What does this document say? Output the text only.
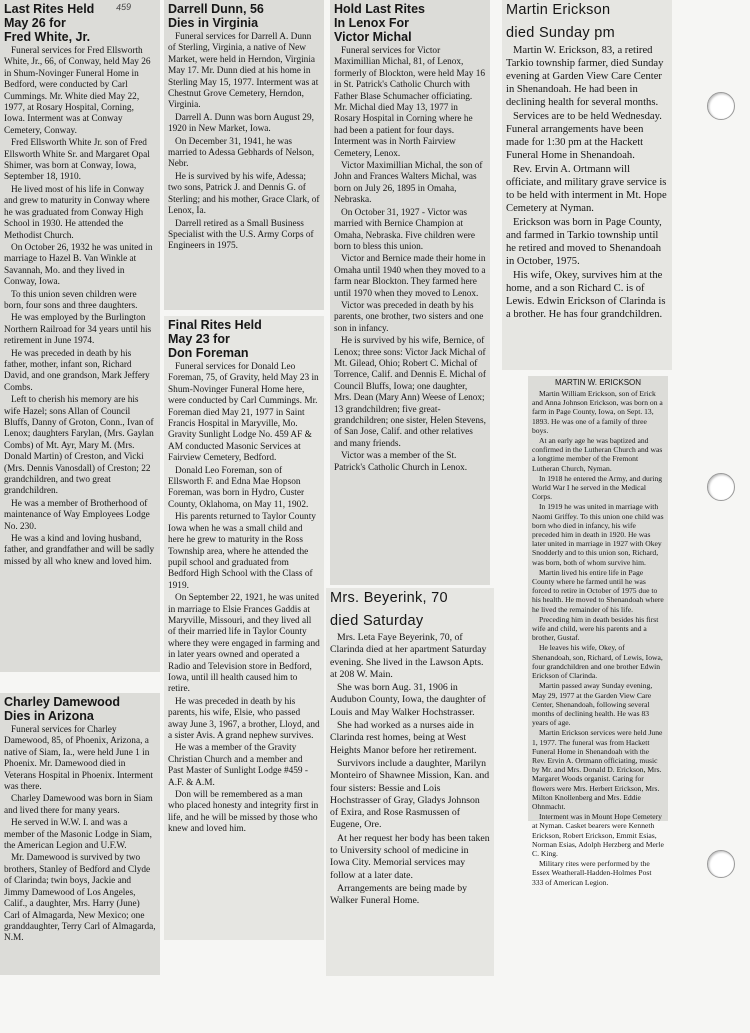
Last Rites Held
May 26 for
Fred White, Jr.

Funeral services for Fred Ellsworth White, Jr., 66, of Conway, held May 26 in Shum-Novinger Funeral Home in Bedford, were conducted by Carl Cummings. Mr. White died May 22, 1977, at Rosary Hospital, Corning, Iowa. Interment was at Conway Cemetery, Conway.

Fred Ellsworth White Jr. son of Fred Ellsworth White Sr. and Margaret Opal Shimer, was born at Conway, Iowa, September 18, 1910.

He lived most of his life in Conway and grew to maturity in Conway where he was graduated from Conway High School in 1930. He attended the Methodist Church.

On October 26, 1932 he was united in marriage to Hazel B. Van Winkle at Savannah, Mo. and they lived in Conway, Iowa.

To this union seven children were born, four sons and three daughters.

He was employed by the Burlington Northern Railroad for 34 years until his retirement in June 1974.

He was preceded in death by his father, mother, infant son, Richard David, and one grandson, Mark Jeffery Combs.

Left to cherish his memory are his wife Hazel; sons Allan of Council Bluffs, Danny of Groton, Conn., Ivan of Lenox; daughters Farylan, (Mrs. Gaylan Combs) of Mt. Ayr, Mary M. (Mrs. Donald Martin) of Creston, and Vicki (Mrs. Dennis Vanosdall) of Creston; 22 grandchildren, and two great grandchildren.

He was a member of Brotherhood of maintenance of Way Employees Lodge No. 230.

He was a kind and loving husband, father, and grandfather and will be sadly missed by all who knew and loved him.

459
Charley Damewood
Dies in Arizona

Funeral services for Charley Damewood, 85, of Phoenix, Arizona, a native of Siam, Ia., were held June 1 in Phoenix. Mr. Damewood died in Veterans Hospital in Phoenix. Interment was there.

Charley Damewood was born in Siam and lived there for many years.

He served in W.W. I. and was a member of the Masonic Lodge in Siam, the American Legion and U.F.W.

Mr. Damewood is survived by two brothers, Stanley of Bedford and Clyde of Clarinda; twin boys, Jackie and Jimmy Damewood of Los Angeles, Calif., a daughter, Mrs. Harry (June) Carl of Almagarda, New Mexico; one granddaughter, Terry Carl of Almagarda, N.M.

Darrell Dunn, 56
Dies in Virginia

Funeral services for Darrell A. Dunn of Sterling, Virginia, a native of New Market, were held in Herndon, Virginia May 17. Mr. Dunn died at his home in Sterling May 15, 1977. Interment was at Chestnut Grove Cemetery, Herndon, Virginia.

Darrell A. Dunn was born August 29, 1920 in New Market, Iowa.

On December 31, 1941, he was married to Adessa Gebhards of Nelson, Nebr.

He is survived by his wife, Adessa; two sons, Patrick J. and Dennis G. of Sterling; and his mother, Grace Clark, of Lenox, Ia.

Darrell retired as a Small Business Specialist with the U.S. Army Corps of Engineers in 1975.

Final Rites Held
May 23 for
Don Foreman

Funeral services for Donald Leo Foreman, 75, of Gravity, held May 23 in Shum-Novinger Funeral Home here, were conducted by Carl Cummings. Mr. Foreman died May 21, 1977 in Saint Francis Hospital in Maryville, Mo. Gravity Sunlight Lodge No. 459 AF & AM conducted Masonic Services at Fairview Cemetery, Bedford.

Donald Leo Foreman, son of Ellsworth F. and Edna Mae Hopson Foreman, was born in Hydro, Custer County, Oklahoma, on May 11, 1902.

His parents returned to Taylor County Iowa when he was a small child and here he grew to maturity in the Ross Township area, where he attended the pupil school and graduated from Bedford High School with the Class of 1919.

On September 22, 1921, he was united in marriage to Elsie Frances Gaddis at Maryville, Missouri, and they lived all of their married life in Taylor County where they were engaged in farming and in later years owned and operated a Radio and Television store in Bedford, Iowa, until ill health caused him to retire.

He was preceded in death by his parents, his wife, Elsie, who passed away June 3, 1967, a brother, Lloyd, and a sister Avis. A grand nephew survives.

He was a member of the Gravity Christian Church and a member and Past Master of Sunlight Lodge #459 - A.F. & A.M.

Don will be remembered as a man who placed honesty and integrity first in life, and he will be missed by those who knew and loved him.

Hold Last Rites
In Lenox For
Victor Michal

Funeral services for Victor Maximillian Michal, 81, of Lenox, formerly of Blockton, were held May 16 in St. Patrick's Catholic Church with Father Blase Schumacher officiating. Mr. Michal died May 13, 1977 in Rosary Hospital in Corning where he had been a patient for four days. Interment was in North Fairview Cemetery, Lenox.

Victor Maximillian Michal, the son of John and Frances Walters Michal, was born on July 26, 1895 in Omaha, Nebraska.

On October 31, 1927 - Victor was married with Bernice Champion at Omaha, Nebraska. Five children were born to bless this union.

Victor and Bernice made their home in Omaha until 1940 when they moved to a farm near Blockton. They farmed here until 1970 when they moved to Lenox.

Victor was preceded in death by his parents, one brother, two sisters and one son in infancy.

He is survived by his wife, Bernice, of Lenox; three sons: Victor Jack Michal of Mt. Gilead, Ohio; Robert C. Michal of Torrence, Calif. and Dennis E. Michal of Council Bluffs, Iowa; one daughter, Mrs. Dean (Mary Ann) Weese of Lenox; 13 grandchildren; five great-grandchildren; one sister, Helen Stevens, of San Jose, Calif. and other relatives and many friends.

Victor was a member of the St. Patrick's Catholic Church in Lenox.

Mrs. Beyerink, 70
died Saturday

Mrs. Leta Faye Beyerink, 70, of Clarinda died at her apartment Saturday evening. She lived in the Lawson Apts. at 208 W. Main.

She was born Aug. 31, 1906 in Audubon County, Iowa, the daughter of Louis and May Walker Hochstrasser.

She had worked as a nurses aide in Clarinda rest homes, being at West Heights Manor before her retirement.

Survivors include a daughter, Marilyn Monteiro of Shawnee Mission, Kan. and four sisters: Bessie and Lois Hochstrasser of Gray, Gladys Johnson of Exira, and Rose Rasmussen of Eugene, Ore.

At her request her body has been taken to University school of medicine in Iowa City. Memorial services may follow at a later date.

Arrangements are being made by Walker Funeral Home.

Martin Erickson
died Sunday pm

Martin W. Erickson, 83, a retired Tarkio township farmer, died Sunday evening at Garden View Care Center in Shenandoah. He had been in declining health for several months.

Services are to be held Wednesday. Funeral arrangements have been made for 1:30 pm at the Hackett Funeral Home in Shenandoah.

Rev. Ervin A. Ortmann will officiate, and military grave service is to be held with interment in Mt. Hope Cemetery at Nyman.

Erickson was born in Page County, and farmed in Tarkio township until he retired and moved to Shenandoah in October, 1975.

His wife, Okey, survives him at the home, and a son Richard C. is of Lewis. Edwin Erickson of Clarinda is a brother. He has four grandchildren.

MARTIN W. ERICKSON

Martin William Erickson, son of Erick and Anna Johnson Erickson, was born on a farm in Page County, Iowa, on Sept. 13, 1893. He was one of a family of three boys.

At an early age he was baptized and confirmed in the Lutheran Church and was a longtime member of the Fremont Lutheran Church, Nyman.

In 1918 he entered the Army, and during World War I he served in the Medical Corps.

In 1919 he was united in marriage with Naomi Griffey. To this union one child was born who died in infancy, his wife preceded him in death in 1920. He was later united in marriage in 1927 with Okey Snodderly and to this union son, Richard, was born, both of whom survive him.

Martin lived his entire life in Page County where he farmed until he was forced to retire in October of 1975 due to his health. He moved to Shenandoah where he lived the remainder of his life.

Preceding him in death besides his first wife and child, were his parents and a brother, Gustaf.

He leaves his wife, Okey, of Shenandoah, son, Richard, of Lewis, Iowa, four grandchildren and one brother Edwin Erickson of Clarinda.

Martin passed away Sunday evening, May 29, 1977 at the Garden View Care Center, Shenandoah, following several months of declining health. He was 83 years of age.

Martin Erickson services were held June 1, 1977. The funeral was from Hackett Funeral Home in Shenandoah with the Rev. Ervin A. Ortmann officiating, music by Mr. and Mrs. Donald D. Erickson, Mrs. Margaret Woods organist. Caring for flowers were Mrs. Herbert Erickson, Mrs. Milton Knollenberg and Mrs. Eddie Ohnmacht.

Interment was in Mount Hope Cemetery at Nyman. Casket bearers were Kenneth Erickson, Robert Erickson, Emmit Esias, Norman Esias, Adolph Herzberg and Merle C. King.

Military rites were performed by the Essex Weatherall-Hadden-Holmes Post 333 of American Legion.
